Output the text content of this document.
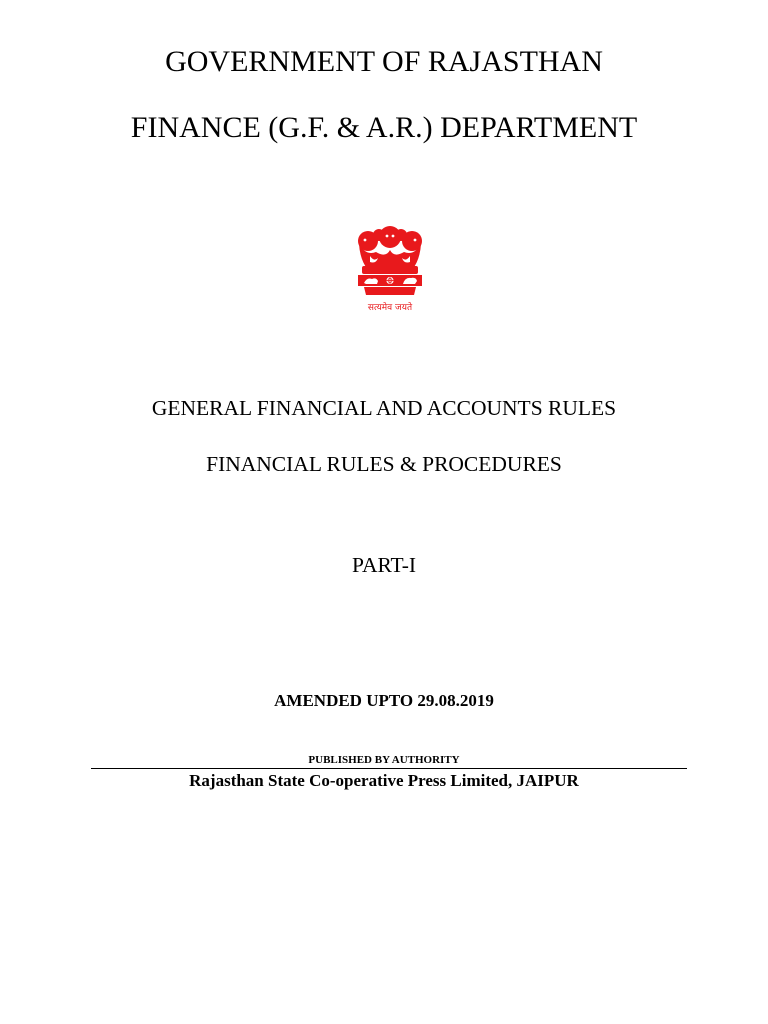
GOVERNMENT OF RAJASTHAN
FINANCE (G.F. & A.R.) DEPARTMENT
सत्यमेव जयते
GENERAL FINANCIAL AND ACCOUNTS RULES
FINANCIAL RULES & PROCEDURES
PART-I
AMENDED UPTO 29.08.2019
PUBLISHED BY AUTHORITY
Rajasthan State Co-operative Press Limited, JAIPUR
